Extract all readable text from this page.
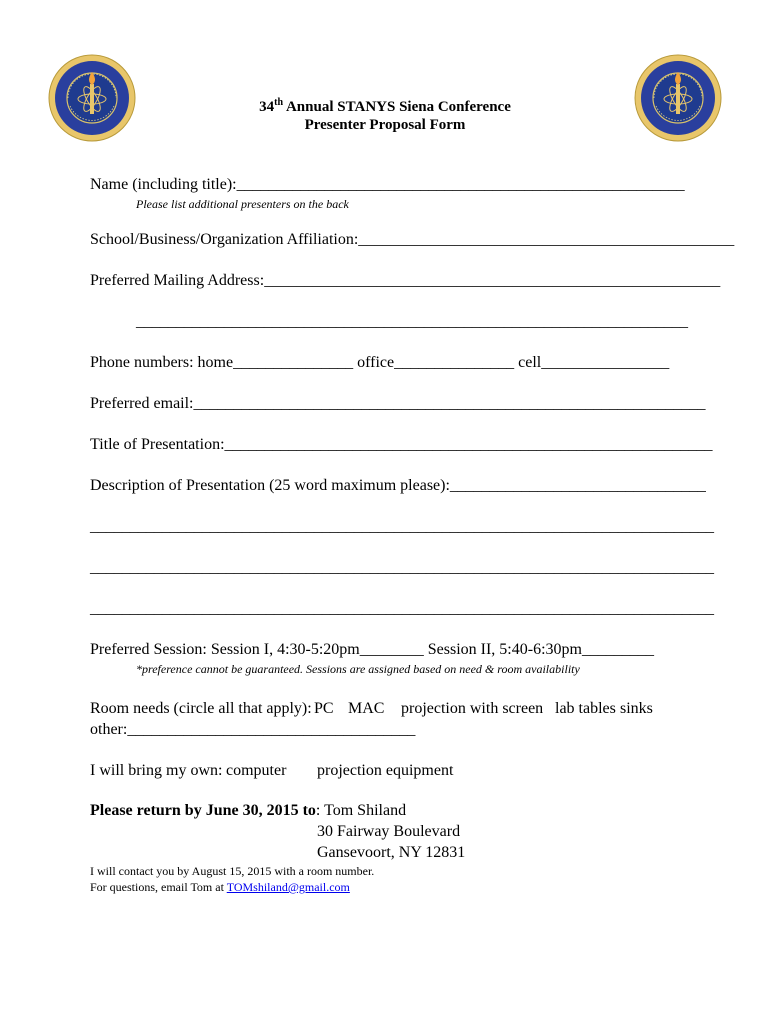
34th Annual STANYS Siena Conference
Presenter Proposal Form
Name (including title):________________________________________________________
Please list additional presenters on the back
School/Business/Organization Affiliation:_______________________________________________
Preferred Mailing Address:_________________________________________________________
_____________________________________________________________________
Phone numbers: home_______________ office_______________ cell________________
Preferred email:________________________________________________________________
Title of Presentation:_____________________________________________________________
Description of Presentation (25 word maximum please):________________________________
______________________________________________________________________________
______________________________________________________________________________
______________________________________________________________________________
Preferred Session: Session I, 4:30-5:20pm________ Session II, 5:40-6:30pm_________
*preference cannot be guaranteed. Sessions are assigned based on need & room availability
Room needs (circle all that apply): PC MAC projection with screen lab tables sinks
other:____________________________________
I will bring my own: computer projection equipment
Please return by June 30, 2015 to: Tom Shiland
30 Fairway Boulevard
Gansevoort, NY 12831
I will contact you by August 15, 2015 with a room number.
For questions, email Tom at TOMshiland@gmail.com
